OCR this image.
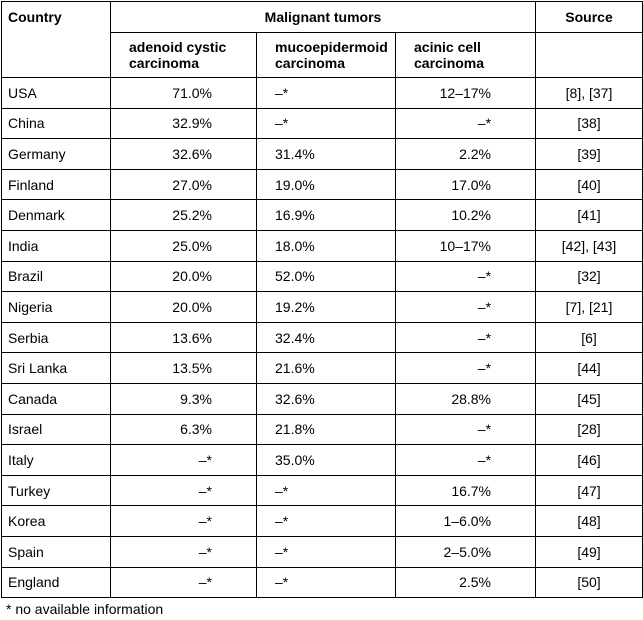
Country	Malignant tumors			Source
	adenoid cystic carcinoma	mucoepidermoid carcinoma	acinic cell carcinoma	
USA	71.0%	–*	12–17%	[8], [37]
China	32.9%	–*	–*	[38]
Germany	32.6%	31.4%	2.2%	[39]
Finland	27.0%	19.0%	17.0%	[40]
Denmark	25.2%	16.9%	10.2%	[41]
India	25.0%	18.0%	10–17%	[42], [43]
Brazil	20.0%	52.0%	–*	[32]
Nigeria	20.0%	19.2%	–*	[7], [21]
Serbia	13.6%	32.4%	–*	[6]
Sri Lanka	13.5%	21.6%	–*	[44]
Canada	9.3%	32.6%	28.8%	[45]
Israel	6.3%	21.8%	–*	[28]
Italy	–*	35.0%	–*	[46]
Turkey	–*	–*	16.7%	[47]
Korea	–*	–*	1–6.0%	[48]
Spain	–*	–*	2–5.0%	[49]
England	–*	–*	2.5%	[50]
* no available information
